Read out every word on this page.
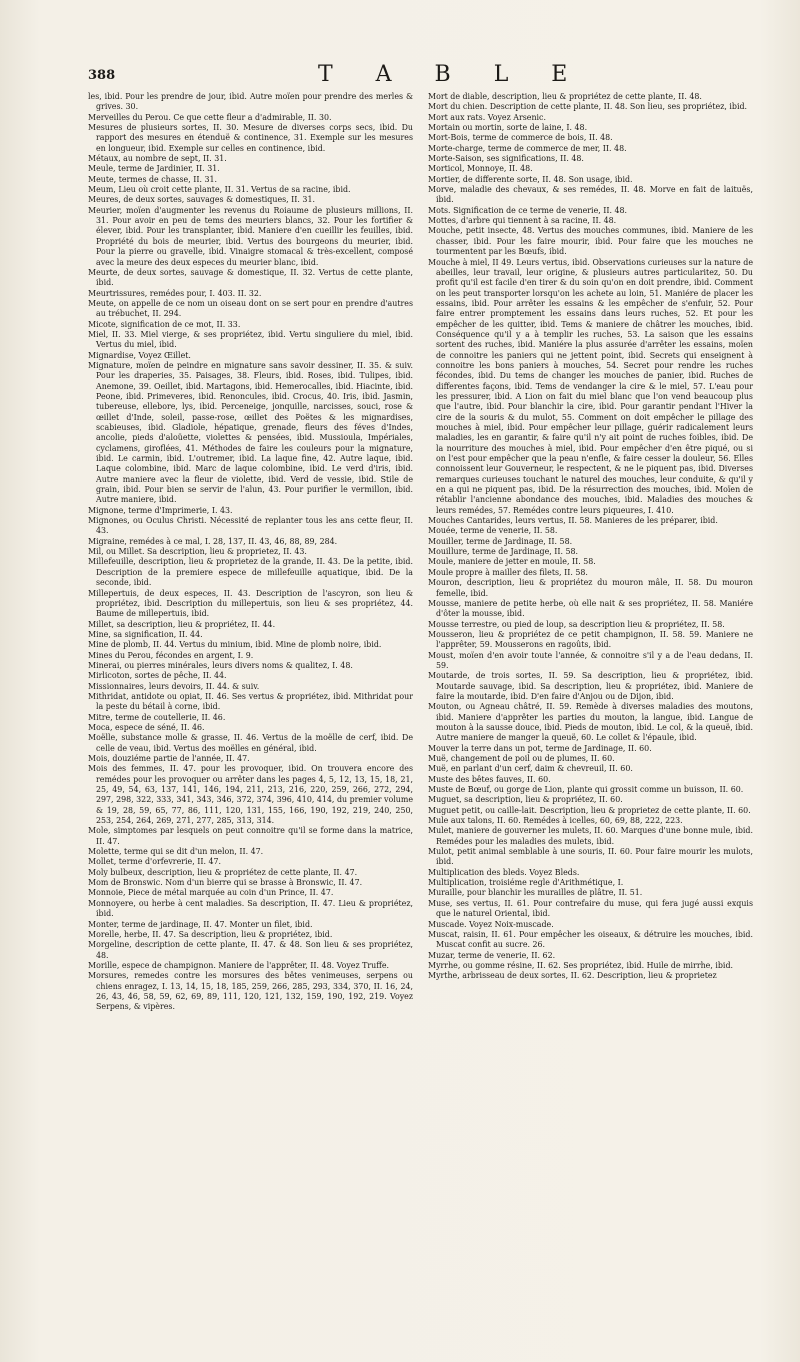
388	T A B L E

les, ibid. Pour les prendre de jour, ibid. Autre moïen pour prendre des merles & grives. 30.

Merveilles du Perou. Ce que cette fleur a d'admirable, II. 30.

Mesures de plusieurs sortes, II. 30. Mesure de diverses corps secs, ibid. Du rapport des mesures en étenduë & continence, 31. Exemple sur les mesures en longueur, ibid. Exemple sur celles en continence, ibid.

Métaux, au nombre de sept, II. 31.

Meule, terme de Jardinier, II. 31.

Meute, termes de chasse, II. 31.

Meum, Lieu où croit cette plante, II. 31. Vertus de sa racine, ibid.

Meures, de deux sortes, sauvages & domestiques, II. 31.

Meurier, moïen d'augmenter les revenus du Roiaume de plusieurs millions, II. 31. Pour avoir en peu de tems des meuriers blancs, 32. Pour les fortifier & élever, ibid. Pour les transplanter, ibid. Maniere d'en cueillir les feuilles, ibid. Propriété du bois de meurier, ibid. Vertus des bourgeons du meurier, ibid. Pour la pierre ou gravelle, ibid. Vinaigre stomacal & très-excellent, composé avec la meure des deux especes du meurier blanc, ibid.

Meurte, de deux sortes, sauvage & domestique, II. 32. Vertus de cette plante, ibid.

Meurtrissures, remédes pour, I. 403. II. 32.

Meute, on appelle de ce nom un oiseau dont on se sert pour en prendre d'autres au trébuchet, II. 294.

Micote, signification de ce mot, II. 33.

Miel, II. 33. Miel vierge, & ses propriétez, ibid. Vertu singuliere du miel, ibid. Vertus du miel, ibid.

Mignardise, Voyez Œillet.

Mignature, moïen de peindre en mignature sans savoir dessiner, II. 35. & suiv. Pour les draperies, 35. Paisages, 38. Fleurs, ibid. Roses, ibid. Tulipes, ibid. Anemone, 39. Oeillet, ibid. Martagons, ibid. Hemerocalles, ibid. Hiacinte, ibid. Peone, ibid. Primeveres, ibid. Renoncules, ibid. Crocus, 40. Iris, ibid. Jasmin, tubereuse, ellebore, lys, ibid. Perceneige, jonquille, narcisses, souci, rose & œillet d'Inde, soleil, passe-rose, œillet des Poëtes & les mignardises, scabieuses, ibid. Gladiole, hépatique, grenade, fleurs des féves d'Indes, ancolie, pieds d'aloüette, violettes & pensées, ibid. Mussioula, Impériales, cyclamens, giroflées, 41. Méthodes de faire les couleurs pour la mignature, ibid. Le carmin, ibid. L'outremer, ibid. La laque fine, 42. Autre laque, ibid. Laque colombine, ibid. Marc de laque colombine, ibid. Le verd d'iris, ibid. Autre maniere avec la fleur de violette, ibid. Verd de vessie, ibid. Stile de grain, ibid. Pour bien se servir de l'alun, 43. Pour purifier le vermillon, ibid. Autre maniere, ibid.

Mignone, terme d'Imprimerie, I. 43.

Mignones, ou Oculus Christi. Nécessité de replanter tous les ans cette fleur, II. 43.

Migraine, remédes à ce mal, I. 28, 137, II. 43, 46, 88, 89, 284.

Mil, ou Millet. Sa description, lieu & proprietez, II. 43.

Millefeuille, description, lieu & proprietez de la grande, II. 43. De la petite, ibid. Description de la premiere espece de millefeuille aquatique, ibid. De la seconde, ibid.

Millepertuis, de deux especes, II. 43. Description de l'ascyron, son lieu & propriétez, ibid. Description du millepertuis, son lieu & ses propriétez, 44. Baume de millepertuis, ibid.

Millet, sa description, lieu & propriétez, II. 44.

Mine, sa signification, II. 44.

Mine de plomb, II. 44. Vertus du minium, ibid. Mine de plomb noire, ibid.

Mines du Perou, fécondes en argent, I. 9.

Minerai, ou pierres minérales, leurs divers noms & qualitez, I. 48.

Mirlicoton, sortes de pêche, II. 44.

Missionnaires, leurs devoirs, II. 44. & suiv.

Mithridat, antidote ou opiat, II. 46. Ses vertus & propriétez, ibid. Mithridat pour la peste du bétail à corne, ibid.

Mitre, terme de coutellerie, II. 46.

Moca, espece de séné, II. 46.

Moëlle, substance molle & grasse, II. 46. Vertus de la moëlle de cerf, ibid. De celle de veau, ibid. Vertus des moëlles en général, ibid.

Mois, douziéme partie de l'année, II. 47.

Mois des femmes, II. 47. pour les provoquer, ibid. On trouvera encore des remédes pour les provoquer ou arrêter dans les pages 4, 5, 12, 13, 15, 18, 21, 25, 49, 54, 63, 137, 141, 146, 194, 211, 213, 216, 220, 259, 266, 272, 294, 297, 298, 322, 333, 341, 343, 346, 372, 374, 396, 410, 414, du premier volume & 19, 28, 59, 65, 77, 86, 111, 120, 131, 155, 166, 190, 192, 219, 240, 250, 253, 254, 264, 269, 271, 277, 285, 313, 314.

Mole, simptomes par lesquels on peut connoitre qu'il se forme dans la matrice, II. 47.

Molette, terme qui se dit d'un melon, II. 47.

Mollet, terme d'orfevrerie, II. 47.

Moly bulbeux, description, lieu & propriétez de cette plante, II. 47.

Mom de Bronswic. Nom d'un bierre qui se brasse à Bronswic, II. 47.

Monnoie, Piece de métal marquée au coin d'un Prince, II. 47.

Monnoyere, ou herbe à cent maladies. Sa description, II. 47. Lieu & propriétez, ibid.

Monter, terme de jardinage, II. 47. Monter un filet, ibid.

Morelle, herbe, II. 47. Sa description, lieu & propriétez, ibid.

Morgeline, description de cette plante, II. 47. & 48. Son lieu & ses propriétez, 48.

Morille, espece de champignon. Maniere de l'apprêter, II. 48. Voyez Truffe.

Morsures, remedes contre les morsures des bêtes venimeuses, serpens ou chiens enragez, I. 13, 14, 15, 18, 185, 259, 266, 285, 293, 334, 370, II. 16, 24, 26, 43, 46, 58, 59, 62, 69, 89, 111, 120, 121, 132, 159, 190, 192, 219. Voyez Serpens, & vipères.

Mort de diable, description, lieu & propriétez de cette plante, II. 48.

Mort du chien. Description de cette plante, II. 48. Son lieu, ses propriétez, ibid.

Mort aux rats. Voyez Arsenic.

Mortain ou mortin, sorte de laine, I. 48.

Mort-Bois, terme de commerce de bois, II. 48.

Morte-charge, terme de commerce de mer, II. 48.

Morte-Saison, ses significations, II. 48.

Morticol, Monnoye, II. 48.

Mortier, de differente sorte, II. 48. Son usage, ibid.

Morve, maladie des chevaux, & ses remédes, II. 48. Morve en fait de laituës, ibid.

Mots. Signification de ce terme de venerie, II. 48.

Mottes, d'arbre qui tiennent à sa racine, II. 48.

Mouche, petit insecte, 48. Vertus des mouches communes, ibid. Maniere de les chasser, ibid. Pour les faire mourir, ibid. Pour faire que les mouches ne tourmentent par les Bœufs, ibid.

Mouche à miel, II 49. Leurs vertus, ibid. Observations curieuses sur la nature de abeilles, leur travail, leur origine, & plusieurs autres particularitez, 50. Du profit qu'il est facile d'en tirer & du soin qu'on en doit prendre, ibid. Comment on les peut transporter lorsqu'on les achete au loin, 51. Maniére de placer les essains, ibid. Pour arrêter les essains & les empêcher de s'enfuir, 52. Pour faire entrer promptement les essains dans leurs ruches, 52. Et pour les empêcher de les quitter, ibid. Tems & maniere de châtrer les mouches, ibid. Conséquence qu'il y a à templir les ruches, 53. La saison que les essains sortent des ruches, ibid. Maniére la plus assurée d'arrêter les essains, moïen de connoitre les paniers qui ne jettent point, ibid. Secrets qui enseignent à connoitre les bons paniers à mouches, 54. Secret pour rendre les ruches fécondes, ibid. Du tems de changer les mouches de panier, ibid. Ruches de differentes façons, ibid. Tems de vendanger la cire & le miel, 57. L'eau pour les pressurer, ibid. A Lion on fait du miel blanc que l'on vend beaucoup plus que l'autre, ibid. Pour blanchir la cire, ibid. Pour garantir pendant l'Hiver la cire de la souris & du mulot, 55. Comment on doit empêcher le pillage des mouches à miel, ibid. Pour empêcher leur pillage, guérir radicalement leurs maladies, les en garantir, & faire qu'il n'y ait point de ruches foibles, ibid. De la nourriture des mouches à miel, ibid. Pour empêcher d'en être piqué, ou si on l'est pour empêcher que la peau n'enfle, & faire cesser la douleur, 56. Elles connoissent leur Gouverneur, le respectent, & ne le piquent pas, ibid. Diverses remarques curieuses touchant le naturel des mouches, leur conduite, & qu'il y en a qui ne piquent pas, ibid. De la résurrection des mouches, ibid. Moïen de rétablir l'ancienne abondance des mouches, ibid. Maladies des mouches & leurs remédes, 57. Remédes contre leurs piqueures, I. 410.

Mouches Cantarides, leurs vertus, II. 58. Manieres de les préparer, ibid.

Mouée, terme de venerie, II. 58.

Mouiller, terme de Jardinage, II. 58.

Mouillure, terme de Jardinage, II. 58.

Moule, maniere de jetter en moule, II. 58.

Moule propre à mailler des filets, II. 58.

Mouron, description, lieu & propriétez du mouron mâle, II. 58. Du mouron femelle, ibid.

Mousse, maniere de petite herbe, où elle nait & ses propriétez, II. 58. Maniére d'ôter la mousse, ibid.

Mousse terrestre, ou pied de loup, sa description lieu & propriétez, II. 58.

Mousseron, lieu & propriétez de ce petit champignon, II. 58. 59. Maniere ne l'apprêter, 59. Mousserons en ragoûts, ibid.

Moust, moïen d'en avoir toute l'année, & connoitre s'il y a de l'eau dedans, II. 59.

Moutarde, de trois sortes, II. 59. Sa description, lieu & propriétez, ibid. Moutarde sauvage, ibid. Sa description, lieu & propriétez, ibid. Maniere de faire la moutarde, ibid. D'en faire d'Anjou ou de Dijon, ibid.

Mouton, ou Agneau châtré, II. 59. Remède à diverses maladies des moutons, ibid. Maniere d'apprêter les parties du mouton, la langue, ibid. Langue de mouton à la sausse douce, ibid. Pieds de mouton, ibid. Le col, & la queuë, ibid. Autre maniere de manger la queuë, 60. Le collet & l'épaule, ibid.

Mouver la terre dans un pot, terme de Jardinage, II. 60.

Muë, changement de poil ou de plumes, II. 60.

Muë, en parlant d'un cerf, daim & chevreuil, II. 60.

Muste des bêtes fauves, II. 60.

Muste de Bœuf, ou gorge de Lion, plante qui grossit comme un buisson, II. 60.

Muguet, sa description, lieu & propriétez, II. 60.

Muguet petit, ou caille-lait. Description, lieu & proprietez de cette plante, II. 60.

Mule aux talons, II. 60. Remédes à icelles, 60, 69, 88, 222, 223.

Mulet, maniere de gouverner les mulets, II. 60. Marques d'une bonne mule, ibid. Remédes pour les maladies des mulets, ibid.

Mulot, petit animal semblable à une souris, II. 60. Pour faire mourir les mulots, ibid.

Multiplication des bleds. Voyez Bleds.

Multiplication, troisiéme regle d'Arithmétique, I.

Muraille, pour blanchir les murailles de plâtre, II. 51.

Muse, ses vertus, II. 61. Pour contrefaire du muse, qui fera jugé aussi exquis que le naturel Oriental, ibid.

Muscade. Voyez Noix-muscade.

Muscat, raisin, II. 61. Pour empêcher les oiseaux, & détruire les mouches, ibid. Muscat confit au sucre. 26.

Muzar, terme de venerie, II. 62.

Myrrhe, ou gomme résine, II. 62. Ses propriétez, ibid. Huile de mirrhe, ibid.

Myrthe, arbrisseau de deux sortes, II. 62. Description, lieu & proprietez
